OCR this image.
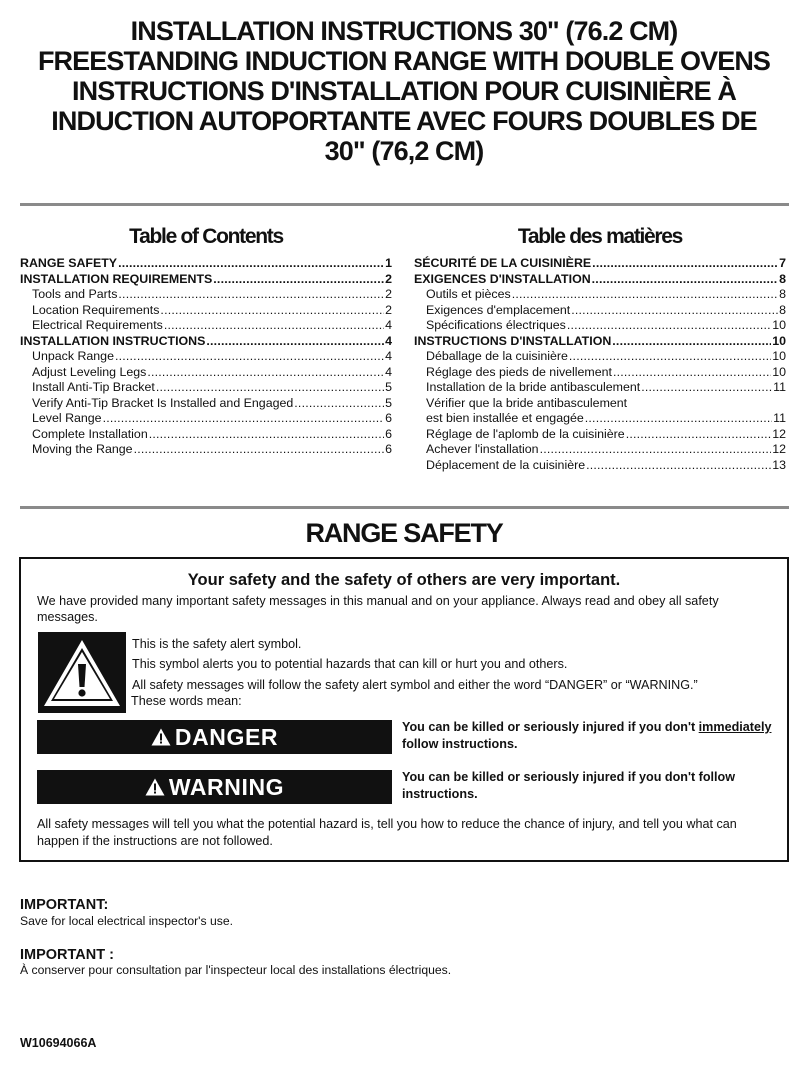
INSTALLATION INSTRUCTIONS 30" (76.2 CM)
FREESTANDING INDUCTION RANGE WITH DOUBLE OVENS
INSTRUCTIONS D'INSTALLATION POUR CUISINIÈRE À
INDUCTION AUTOPORTANTE AVEC FOURS DOUBLES DE
30" (76,2 CM)
Table of Contents
RANGE SAFETY .....	1
INSTALLATION REQUIREMENTS .....	2
Tools and Parts .....	2
Location Requirements .....	2
Electrical Requirements .....	4
INSTALLATION INSTRUCTIONS .....	4
Unpack Range .....	4
Adjust Leveling Legs .....	4
Install Anti-Tip Bracket .....	5
Verify Anti-Tip Bracket Is Installed and Engaged .....	5
Level Range .....	6
Complete Installation .....	6
Moving the Range .....	6
Table des matières
SÉCURITÉ DE LA CUISINIÈRE .....	7
EXIGENCES D'INSTALLATION .....	8
Outils et pièces .....	8
Exigences d'emplacement .....	8
Spécifications électriques .....	10
INSTRUCTIONS D'INSTALLATION .....	10
Déballage de la cuisinière .....	10
Réglage des pieds de nivellement .....	10
Installation de la bride antibasculement .....	11
Vérifier que la bride antibasculement
est bien installée et engagée .....	11
Réglage de l'aplomb de la cuisinière .....	12
Achever l'installation .....	12
Déplacement de la cuisinière .....	13
RANGE SAFETY
Your safety and the safety of others are very important.
We have provided many important safety messages in this manual and on your appliance. Always read and obey all safety messages.
This is the safety alert symbol.
This symbol alerts you to potential hazards that can kill or hurt you and others.
All safety messages will follow the safety alert symbol and either the word “DANGER” or “WARNING.”
These words mean:
DANGER	You can be killed or seriously injured if you don't immediately follow instructions.
WARNING	You can be killed or seriously injured if you don't follow instructions.
All safety messages will tell you what the potential hazard is, tell you how to reduce the chance of injury, and tell you what can happen if the instructions are not followed.
IMPORTANT:
Save for local electrical inspector's use.
IMPORTANT :
À conserver pour consultation par l'inspecteur local des installations électriques.
W10694066A
